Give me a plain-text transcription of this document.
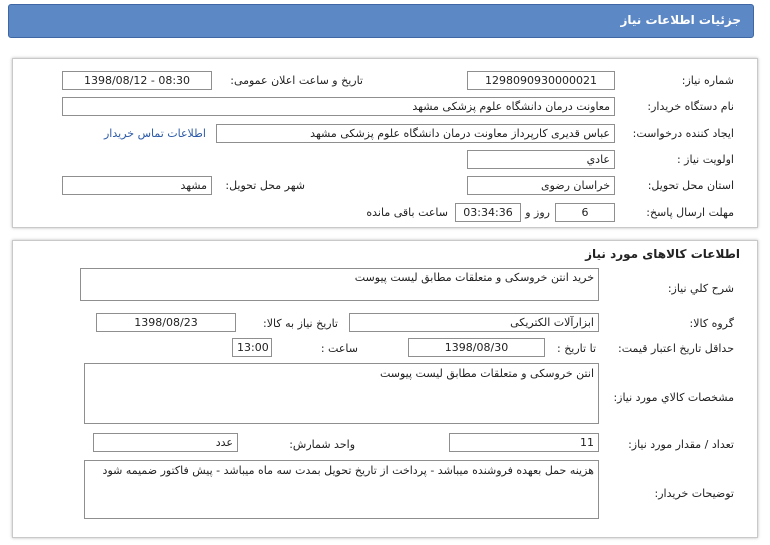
جزئیات اطلاعات نیاز
شماره نیاز:
1298090930000021
تاریخ و ساعت اعلان عمومی:
1398/08/12 - 08:30
نام دستگاه خریدار:
معاونت درمان دانشگاه علوم پزشکی مشهد
ایجاد کننده درخواست:
عباس قدیری کارپرداز معاونت درمان دانشگاه علوم پزشکی مشهد
اطلاعات تماس خریدار
اولویت نیاز :
عادي
استان محل تحویل:
خراسان رضوی
شهر محل تحویل:
مشهد
مهلت ارسال پاسخ:
6
روز و
03:34:36
ساعت باقی مانده
اطلاعات کالاهای مورد نیاز
شرح کلي نیاز:
خرید انتن خروسکی و متعلقات مطابق لیست پیوست
گروه کالا:
ابزارآلات الکتریکی
تاریخ نیاز به کالا:
1398/08/23
حداقل تاریخ اعتبار قیمت:
تا تاریخ :
1398/08/30
ساعت :
13:00
مشخصات کالاي مورد نیاز:
انتن خروسکی و متعلقات مطابق لیست پیوست
تعداد / مقدار مورد نیاز:
11
واحد شمارش:
عدد
توضیحات خریدار:
هزینه حمل بعهده فروشنده میباشد - پرداخت از تاریخ تحویل بمدت سه ماه میباشد - پیش فاکتور ضمیمه شود
